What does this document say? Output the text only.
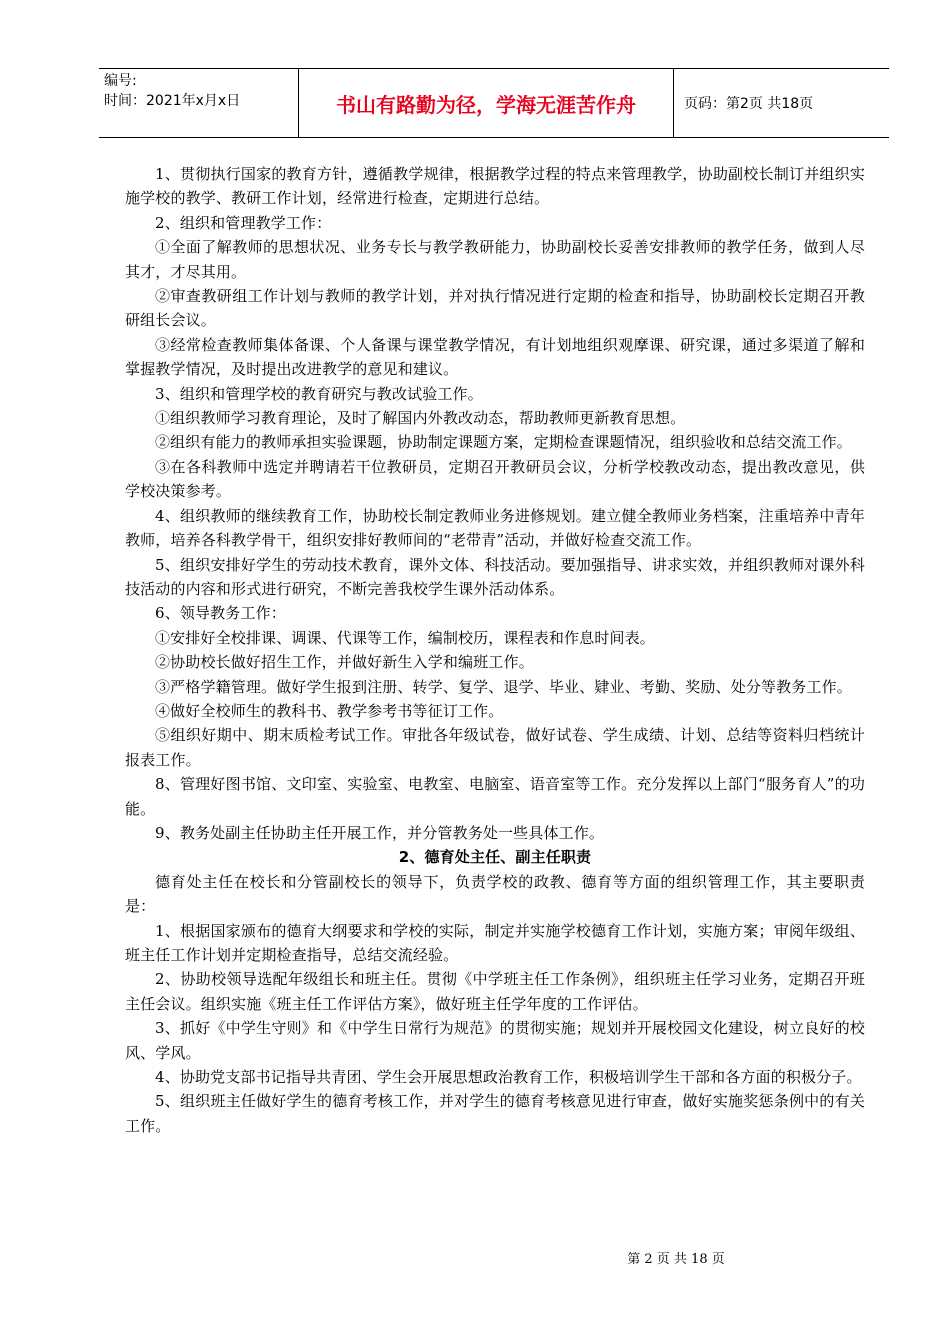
编号:
时间：2021年x月x日	书山有路勤为径，学海无涯苦作舟	页码：第2页 共18页

1、贯彻执行国家的教育方针，遵循教学规律，根据教学过程的特点来管理教学，协助副校长制订并组织实施学校的教学、教研工作计划，经常进行检查，定期进行总结。

2、组织和管理教学工作：

①全面了解教师的思想状况、业务专长与教学教研能力，协助副校长妥善安排教师的教学任务，做到人尽其才，才尽其用。

②审查教研组工作计划与教师的教学计划，并对执行情况进行定期的检查和指导，协助副校长定期召开教研组长会议。

③经常检查教师集体备课、个人备课与课堂教学情况，有计划地组织观摩课、研究课，通过多渠道了解和掌握教学情况，及时提出改进教学的意见和建议。

3、组织和管理学校的教育研究与教改试验工作。

①组织教师学习教育理论，及时了解国内外教改动态，帮助教师更新教育思想。

②组织有能力的教师承担实验课题，协助制定课题方案，定期检查课题情况，组织验收和总结交流工作。

③在各科教师中选定并聘请若干位教研员，定期召开教研员会议，分析学校教改动态，提出教改意见，供学校决策参考。

4、组织教师的继续教育工作，协助校长制定教师业务进修规划。建立健全教师业务档案，注重培养中青年教师，培养各科教学骨干，组织安排好教师间的“老带青”活动，并做好检查交流工作。

5、组织安排好学生的劳动技术教育，课外文体、科技活动。要加强指导、讲求实效，并组织教师对课外科技活动的内容和形式进行研究，不断完善我校学生课外活动体系。

6、领导教务工作：

①安排好全校排课、调课、代课等工作，编制校历，课程表和作息时间表。

②协助校长做好招生工作，并做好新生入学和编班工作。

③严格学籍管理。做好学生报到注册、转学、复学、退学、毕业、肄业、考勤、奖励、处分等教务工作。

④做好全校师生的教科书、教学参考书等征订工作。

⑤组织好期中、期末质检考试工作。审批各年级试卷，做好试卷、学生成绩、计划、总结等资料归档统计报表工作。

8、管理好图书馆、文印室、实验室、电教室、电脑室、语音室等工作。充分发挥以上部门“服务育人”的功能。

9、教务处副主任协助主任开展工作，并分管教务处一些具体工作。

2、德育处主任、副主任职责

德育处主任在校长和分管副校长的领导下，负责学校的政教、德育等方面的组织管理工作，其主要职责是：

1、根据国家颁布的德育大纲要求和学校的实际，制定并实施学校德育工作计划，实施方案；审阅年级组、班主任工作计划并定期检查指导，总结交流经验。

2、协助校领导选配年级组长和班主任。贯彻《中学班主任工作条例》，组织班主任学习业务，定期召开班主任会议。组织实施《班主任工作评估方案》，做好班主任学年度的工作评估。

3、抓好《中学生守则》和《中学生日常行为规范》的贯彻实施；规划并开展校园文化建设，树立良好的校风、学风。

4、协助党支部书记指导共青团、学生会开展思想政治教育工作，积极培训学生干部和各方面的积极分子。

5、组织班主任做好学生的德育考核工作，并对学生的德育考核意见进行审查，做好实施奖惩条例中的有关工作。

第 2 页 共 18 页
